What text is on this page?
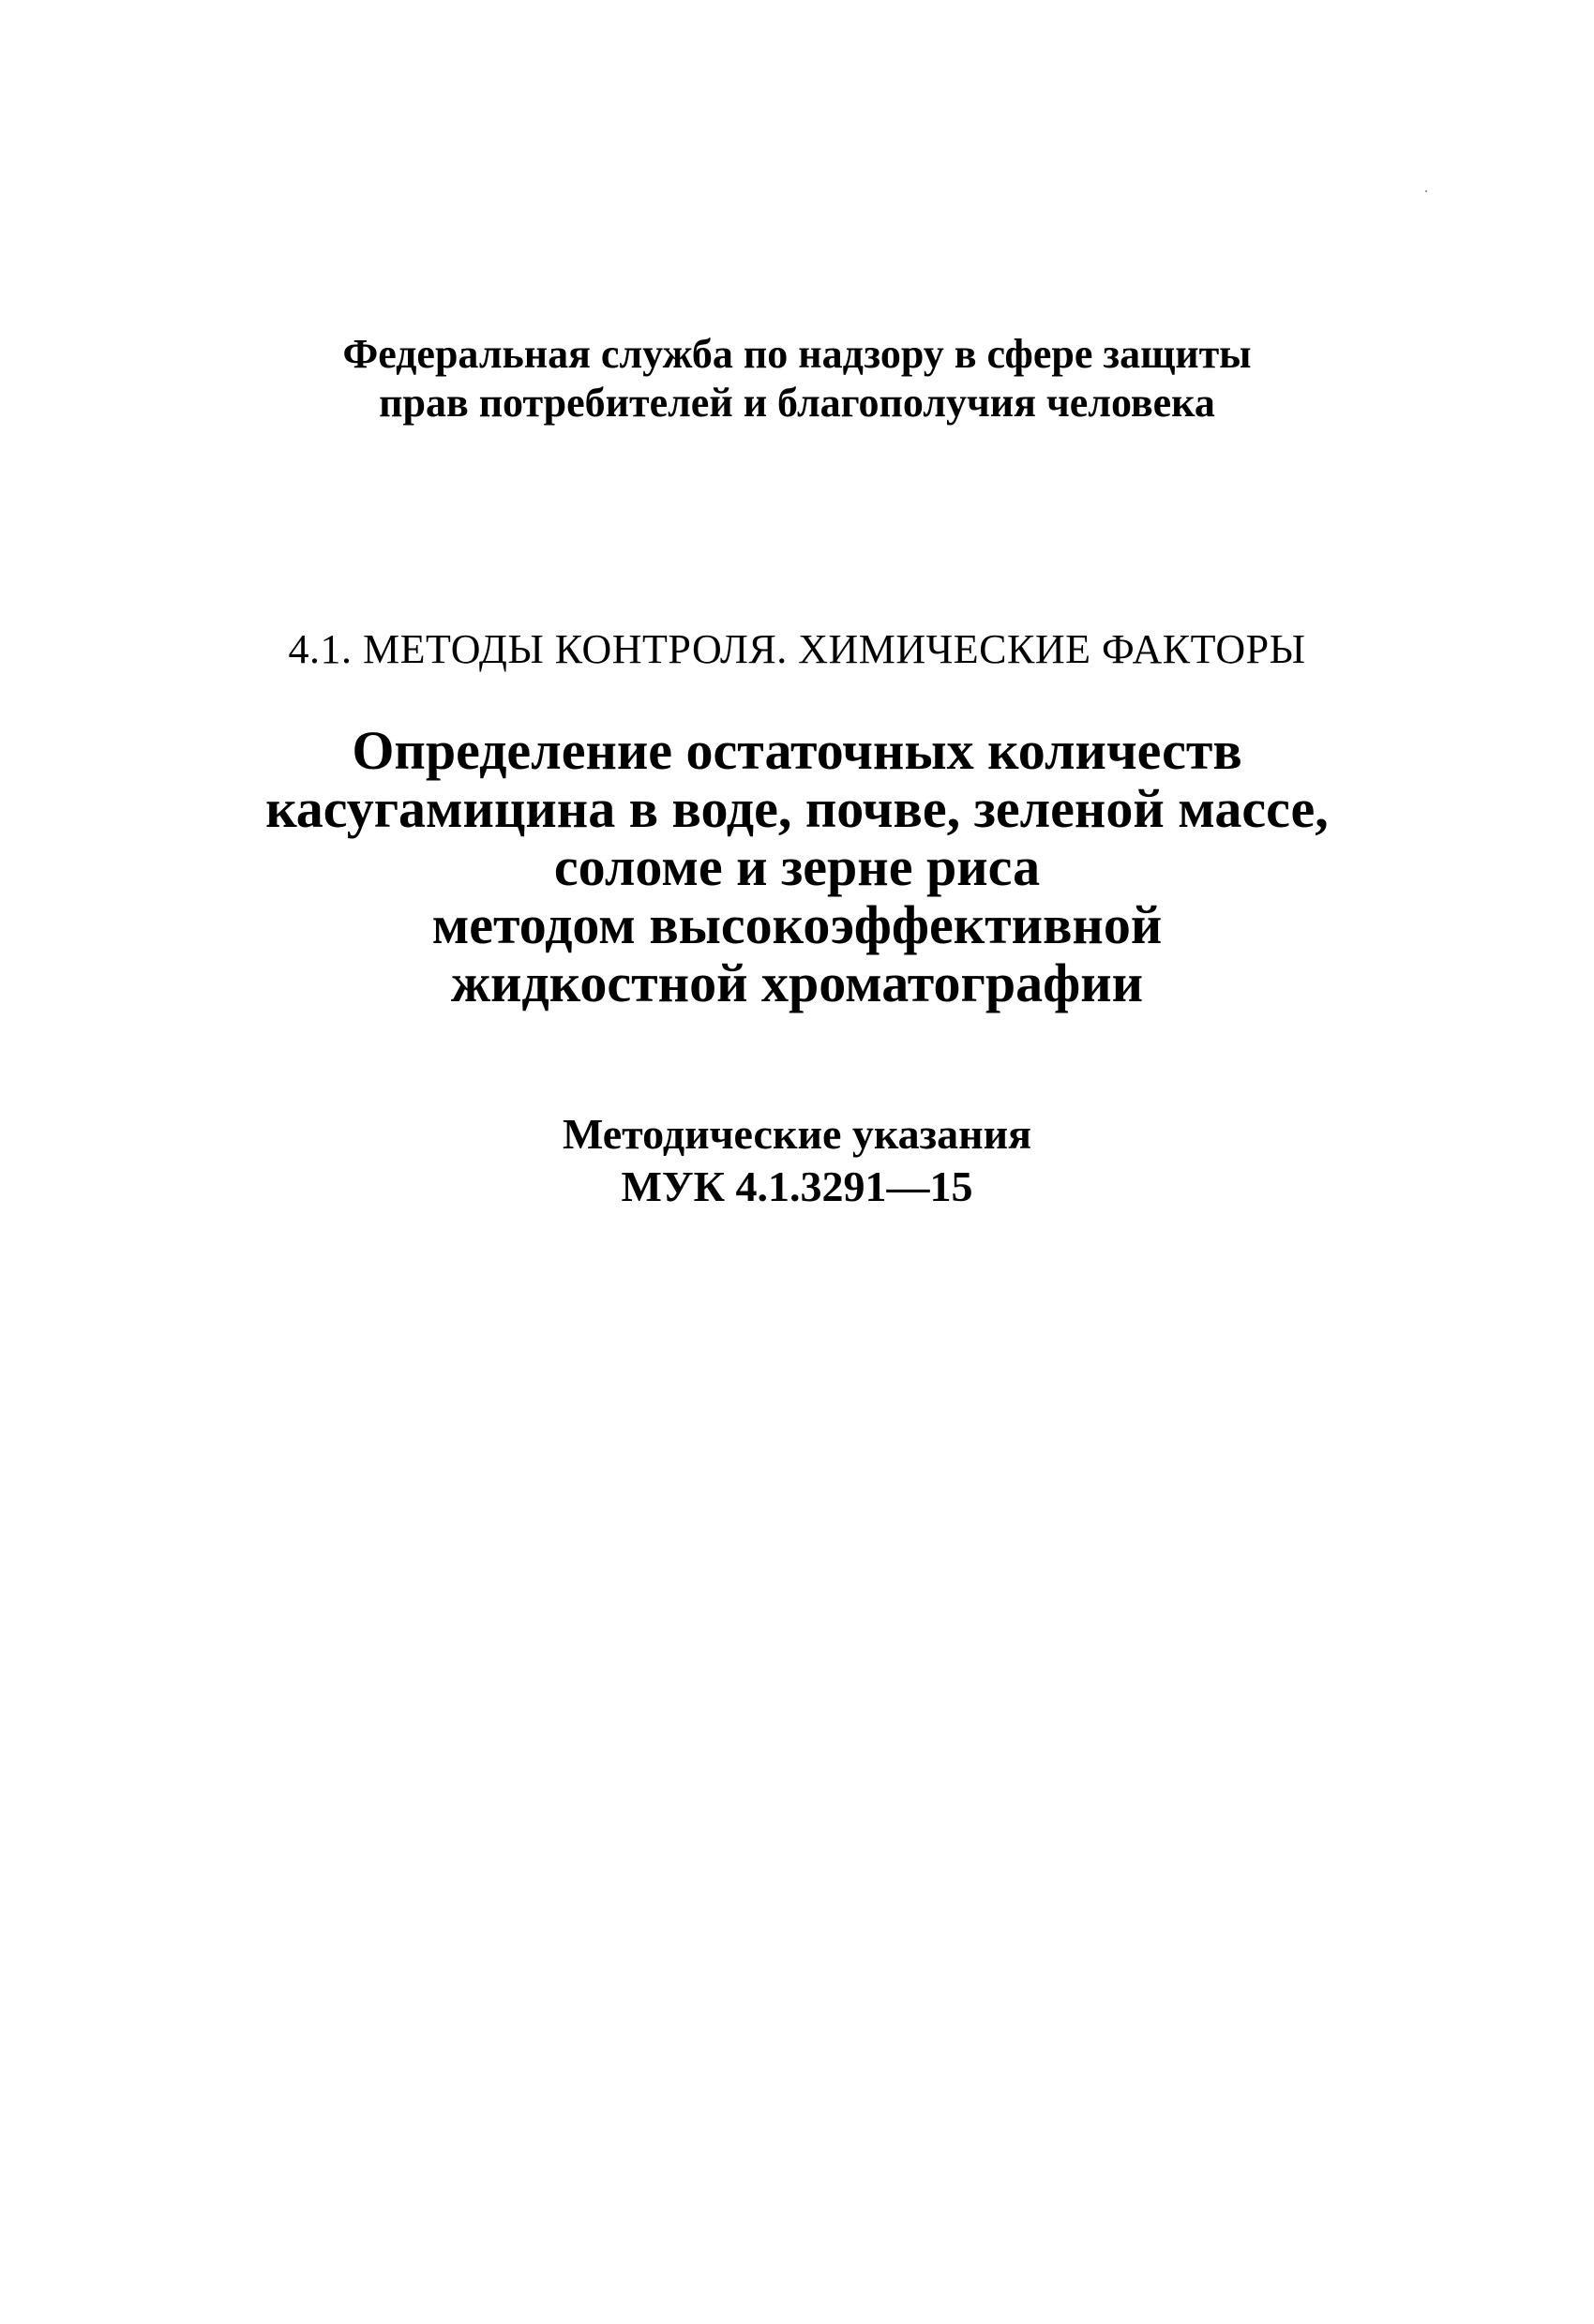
Федеральная служба по надзору в сфере защиты
прав потребителей и благополучия человека
4.1. МЕТОДЫ КОНТРОЛЯ. ХИМИЧЕСКИЕ ФАКТОРЫ
Определение остаточных количеств
касугамицина в воде, почве, зеленой массе,
соломе и зерне риса
методом высокоэффективной
жидкостной хроматографии
Методические указания
МУК 4.1.3291—15
